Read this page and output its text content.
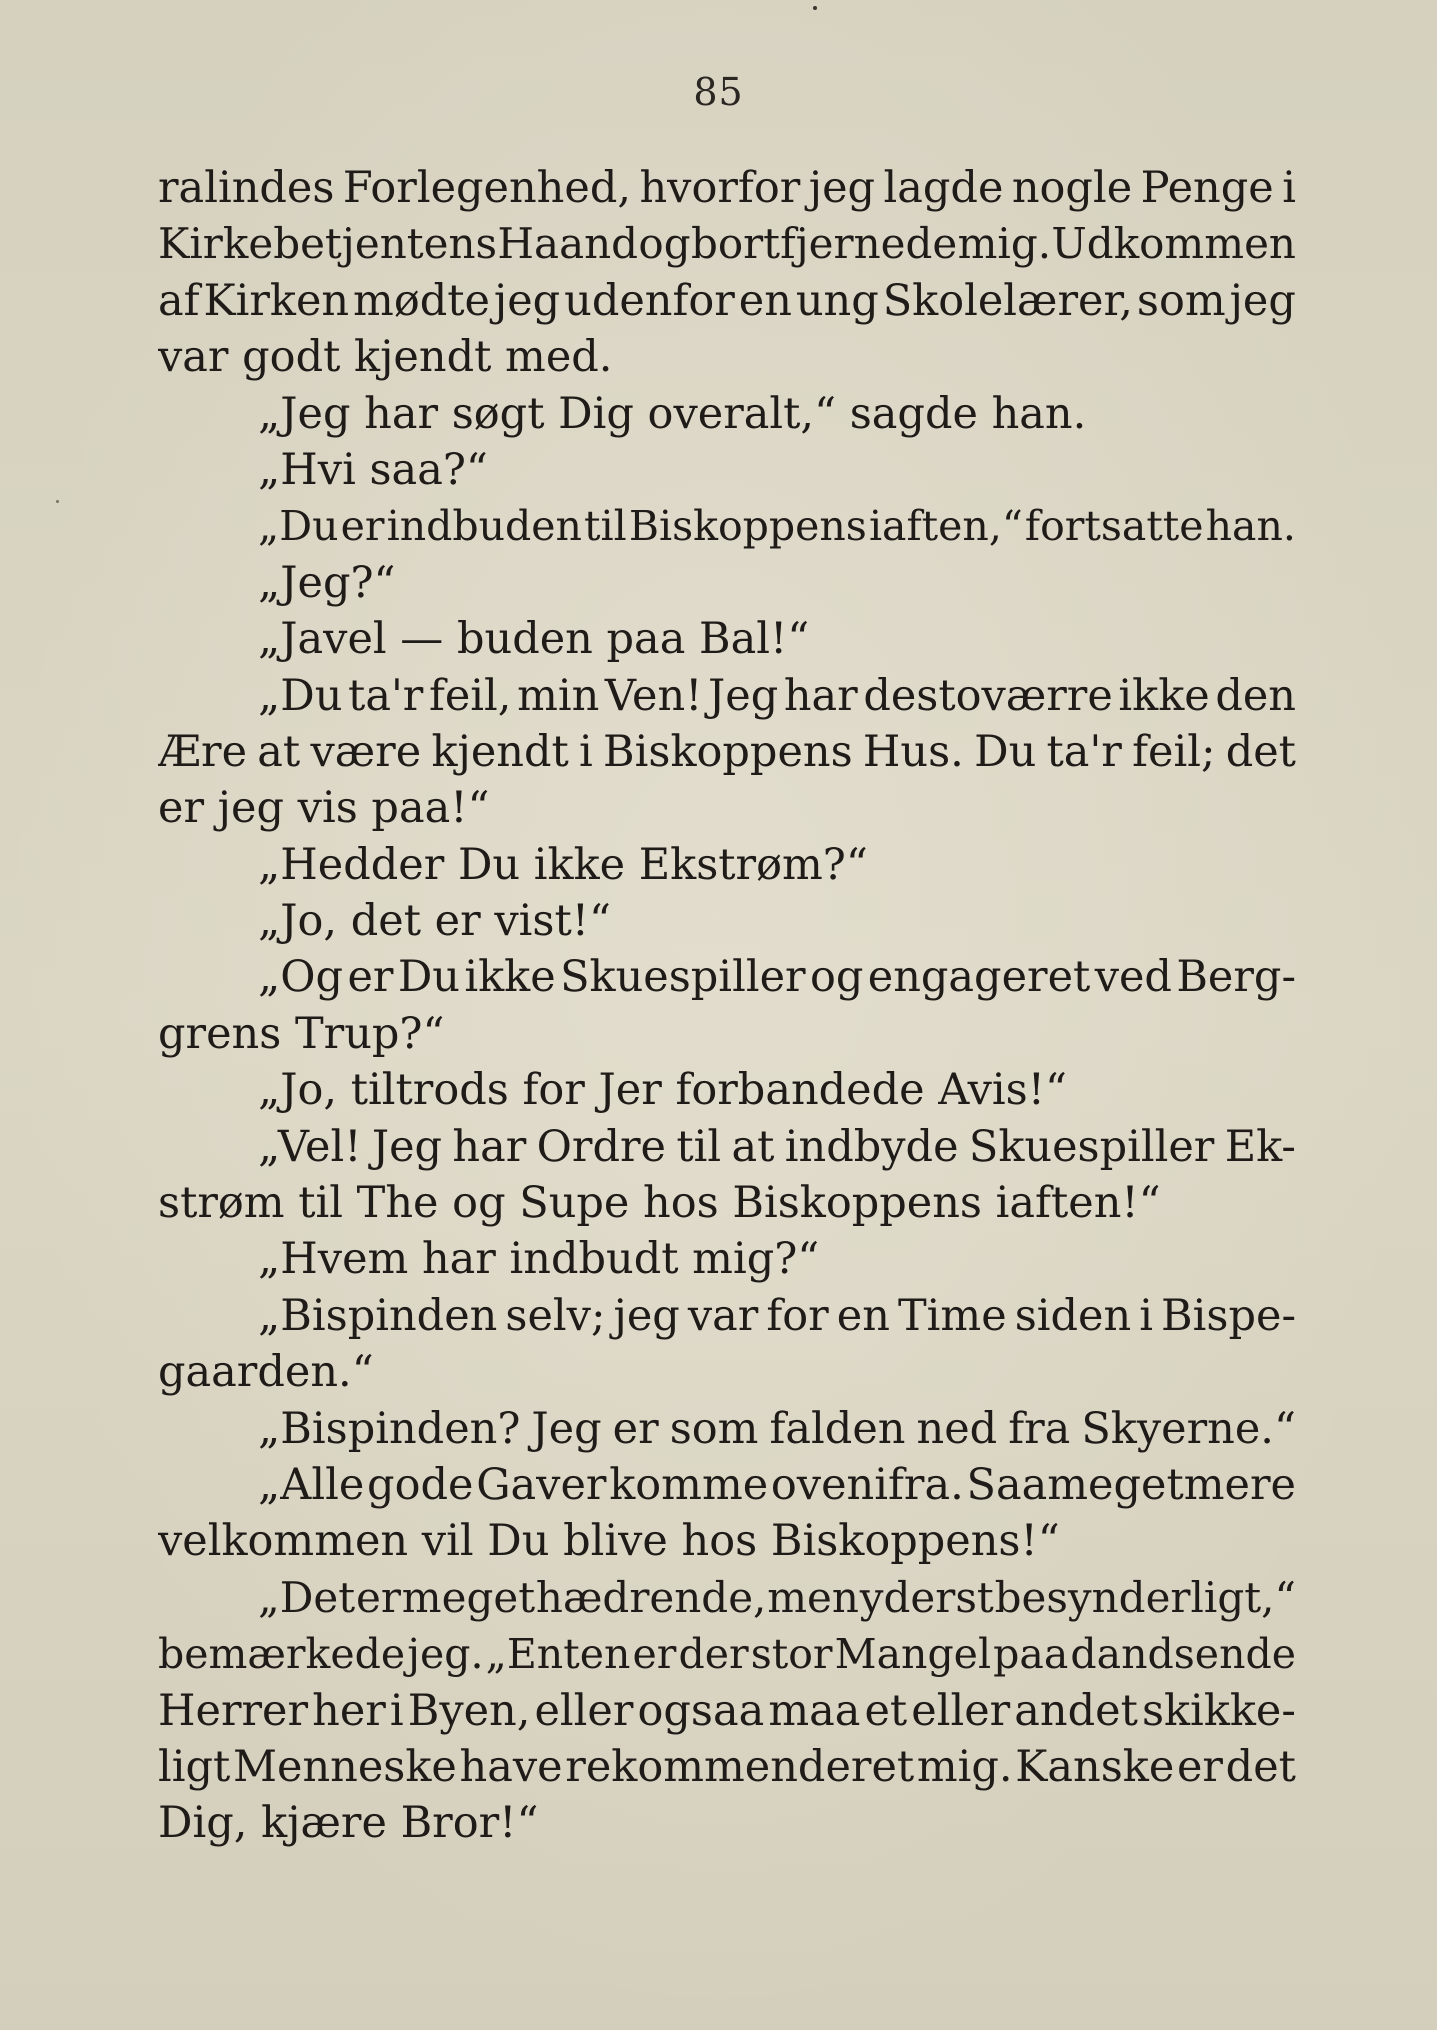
85
ralindes Forlegenhed, hvorfor jeg lagde nogle Penge i
Kirkebetjentens Haand og bortfjernede mig. Udkommen
af Kirken mødte jeg udenfor en ung Skolelærer, som jeg
var godt kjendt med.
„Jeg har søgt Dig overalt,“ sagde han.
„Hvi saa?“
„Du er indbuden til Biskoppens iaften,“ fortsatte han.
„Jeg?“
„Javel — buden paa Bal!“
„Du ta'r feil, min Ven! Jeg har destoværre ikke den
Ære at være kjendt i Biskoppens Hus. Du ta'r feil; det
er jeg vis paa!“
„Hedder Du ikke Ekstrøm?“
„Jo, det er vist!“
„Og er Du ikke Skuespiller og engageret ved Berg-
grens Trup?“
„Jo, tiltrods for Jer forbandede Avis!“
„Vel! Jeg har Ordre til at indbyde Skuespiller Ek-
strøm til The og Supe hos Biskoppens iaften!“
„Hvem har indbudt mig?“
„Bispinden selv; jeg var for en Time siden i Bispe-
gaarden.“
„Bispinden? Jeg er som falden ned fra Skyerne.“
„Alle gode Gaver komme ovenifra. Saamegetmere
velkommen vil Du blive hos Biskoppens!“
„Det er meget hædrende, men yderst besynderligt,“
bemærkede jeg. „Enten er der stor Mangel paa dandsende
Herrer her i Byen, eller ogsaa maa et eller andet skikke-
ligt Menneske have rekommenderet mig. Kanske er det
Dig, kjære Bror!“
